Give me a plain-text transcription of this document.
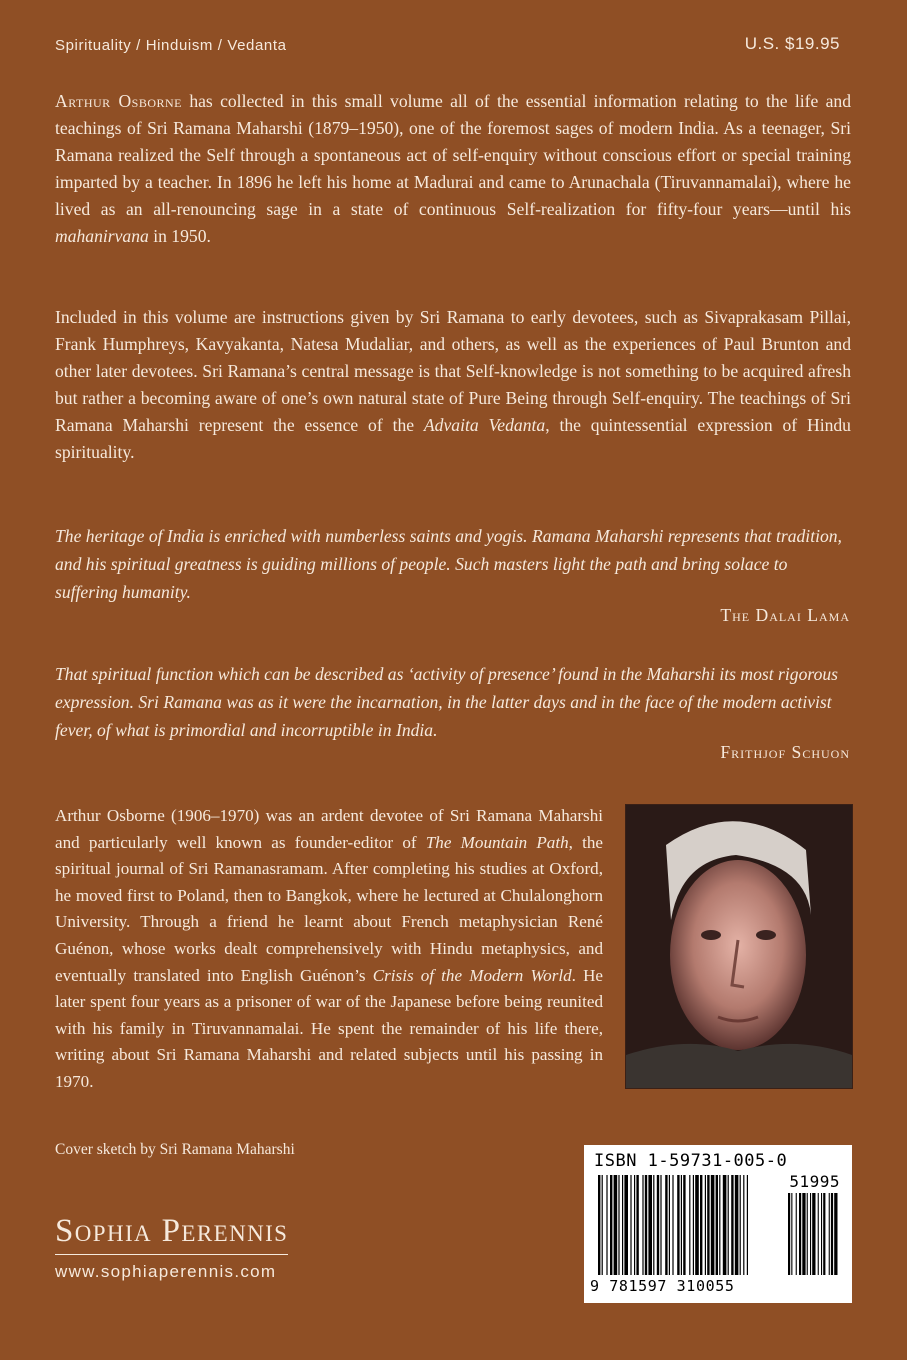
Spirituality / Hinduism / Vedanta	U.S. $19.95

Arthur Osborne has collected in this small volume all of the essential information relating to the life and teachings of Sri Ramana Maharshi (1879–1950), one of the foremost sages of modern India. As a teenager, Sri Ramana realized the Self through a spontaneous act of self-enquiry without conscious effort or special training imparted by a teacher. In 1896 he left his home at Madurai and came to Arunachala (Tiruvannamalai), where he lived as an all-renouncing sage in a state of continuous Self-realization for fifty-four years—until his mahanirvana in 1950.

Included in this volume are instructions given by Sri Ramana to early devotees, such as Sivaprakasam Pillai, Frank Humphreys, Kavyakanta, Natesa Mudaliar, and others, as well as the experiences of Paul Brunton and other later devotees. Sri Ramana’s central message is that Self-knowledge is not something to be acquired afresh but rather a becoming aware of one’s own natural state of Pure Being through Self-enquiry. The teachings of Sri Ramana Maharshi represent the essence of the Advaita Vedanta, the quintessential expression of Hindu spirituality.

The heritage of India is enriched with numberless saints and yogis. Ramana Maharshi represents that tradition, and his spiritual greatness is guiding millions of people. Such masters light the path and bring solace to suffering humanity.

The Dalai Lama

That spiritual function which can be described as ‘activity of presence’ found in the Maharshi its most rigorous expression. Sri Ramana was as it were the incarnation, in the latter days and in the face of the modern activist fever, of what is primordial and incorruptible in India.

Frithjof Schuon

Arthur Osborne (1906–1970) was an ardent devotee of Sri Ramana Maharshi and particularly well known as founder-editor of The Mountain Path, the spiritual journal of Sri Ramanasramam. After completing his studies at Oxford, he moved first to Poland, then to Bangkok, where he lectured at Chulalonghorn University. Through a friend he learnt about French metaphysician René Guénon, whose works dealt comprehensively with Hindu metaphysics, and eventually translated into English Guénon’s Crisis of the Modern World. He later spent four years as a prisoner of war of the Japanese before being reunited with his family in Tiruvannamalai. He spent the remainder of his life there, writing about Sri Ramana Maharshi and related subjects until his passing in 1970.

Cover sketch by Sri Ramana Maharshi
Sophia Perennis
www.sophiaperennis.com
ISBN 1-59731-005-0
51995
9 781597 310055
